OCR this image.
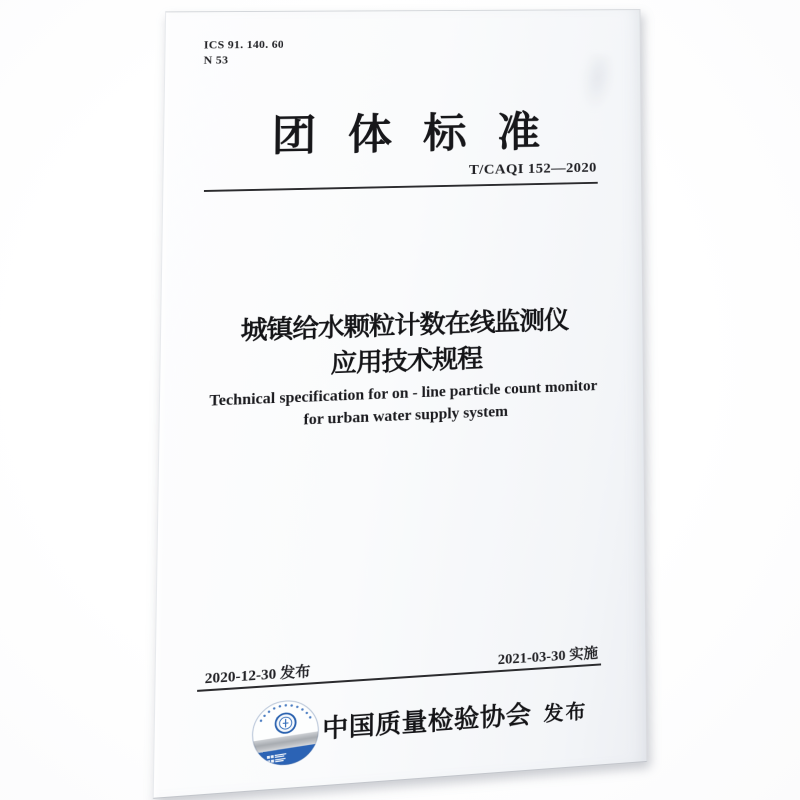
ICS 91. 140. 60
N 53
团体标准
T/CAQI 152—2020
城镇给水颗粒计数在线监测仪
应用技术规程
Technical specification for on - line particle count monitor
for urban water supply system
2020-12-30 发布
2021-03-30 实施
中国质量检验协会 发布
